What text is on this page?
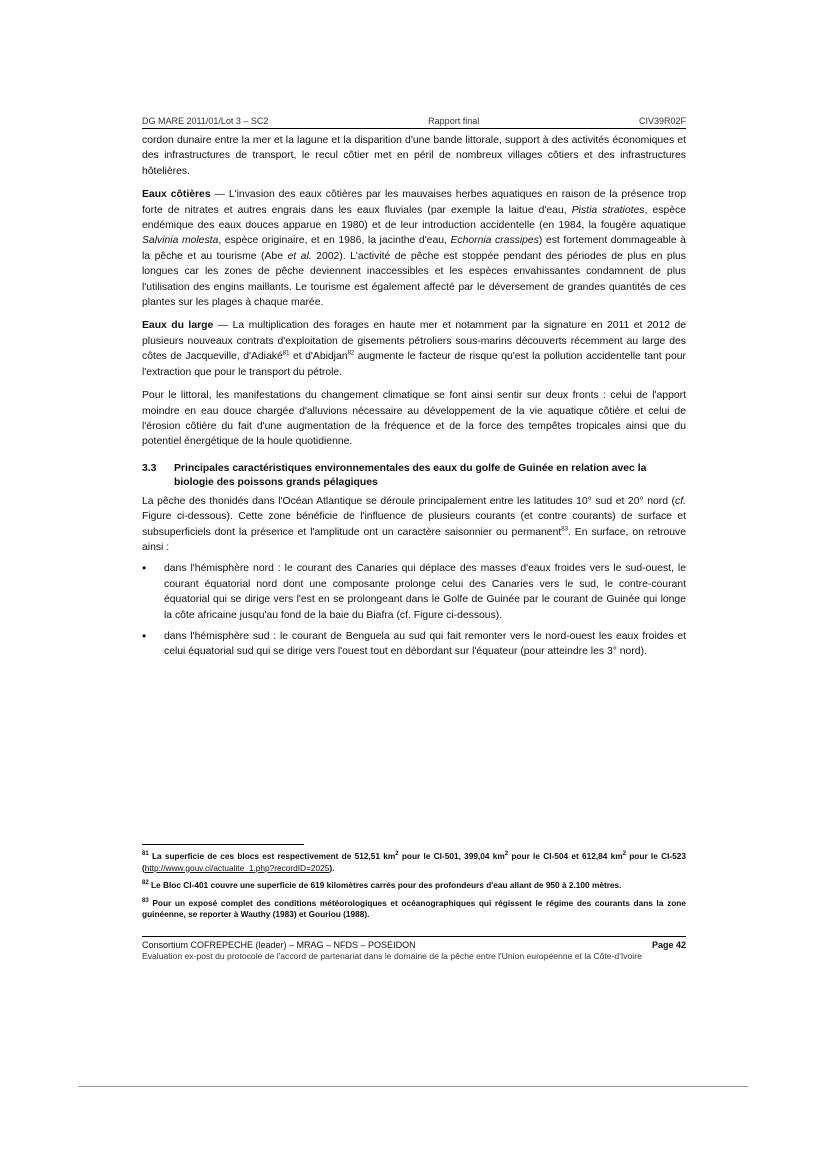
DG MARE 2011/01/Lot 3 – SC2	Rapport final	CIV39R02F

cordon dunaire entre la mer et la lagune et la disparition d'une bande littorale, support à des activités économiques et des infrastructures de transport, le recul côtier met en péril de nombreux villages côtiers et des infrastructures hôtelières.

Eaux côtières — L'invasion des eaux côtières par les mauvaises herbes aquatiques en raison de la présence trop forte de nitrates et autres engrais dans les eaux fluviales (par exemple la laitue d'eau, Pistia stratiotes, espèce endémique des eaux douces apparue en 1980) et de leur introduction accidentelle (en 1984, la fougère aquatique Salvinia molesta, espèce originaire, et en 1986, la jacinthe d'eau, Echornia crassipes) est fortement dommageable à la pêche et au tourisme (Abe et al. 2002). L'activité de pêche est stoppée pendant des périodes de plus en plus longues car les zones de pêche deviennent inaccessibles et les espèces envahissantes condamnent de plus l'utilisation des engins maillants. Le tourisme est également affecté par le déversement de grandes quantités de ces plantes sur les plages à chaque marée.

Eaux du large — La multiplication des forages en haute mer et notamment par la signature en 2011 et 2012 de plusieurs nouveaux contrats d'exploitation de gisements pétroliers sous-marins découverts récemment au large des côtes de Jacqueville, d'Adiaké$^{81}$ et d'Abidjan$^{82}$ augmente le facteur de risque qu'est la pollution accidentelle tant pour l'extraction que pour le transport du pétrole.

Pour le littoral, les manifestations du changement climatique se font ainsi sentir sur deux fronts : celui de l'apport moindre en eau douce chargée d'alluvions nécessaire au développement de la vie aquatique côtière et celui de l'érosion côtière du fait d'une augmentation de la fréquence et de la force des tempêtes tropicales ainsi que du potentiel énergétique de la houle quotidienne.

3.3	Principales caractéristiques environnementales des eaux du golfe de Guinée en relation avec la biologie des poissons grands pélagiques

La pêche des thonidés dans l'Océan Atlantique se déroule principalement entre les latitudes 10° sud et 20° nord (cf. Figure ci-dessous). Cette zone bénéficie de l'influence de plusieurs courants (et contre courants) de surface et subsuperficiels dont la présence et l'amplitude ont un caractère saisonnier ou permanent$^{83}$. En surface, on retrouve ainsi :

•	dans l'hémisphère nord : le courant des Canaries qui déplace des masses d'eaux froides vers le sud-ouest, le courant équatorial nord dont une composante prolonge celui des Canaries vers le sud, le contre-courant équatorial qui se dirige vers l'est en se prolongeant dans le Golfe de Guinée par le courant de Guinée qui longe la côte africaine jusqu'au fond de la baie du Biafra (cf. Figure ci-dessous).
•	dans l'hémisphère sud : le courant de Benguela au sud qui fait remonter vers le nord-ouest les eaux froides et celui équatorial sud qui se dirige vers l'ouest tout en débordant sur l'équateur (pour atteindre les 3° nord).

$^{81}$ La superficie de ces blocs est respectivement de 512,51 $km^2$ pour le CI-501, 399,04 $km^2$ pour le CI-504 et 612,84 $km^2$ pour le CI-523 (http://www.gouv.ci/actualite_1.php?recordID=2025).

$^{82}$ Le Bloc CI-401 couvre une superficie de 619 kilomètres carrés pour des profondeurs d'eau allant de 950 à 2.100 mètres.

$^{83}$ Pour un exposé complet des conditions météorologiques et océanographiques qui régissent le régime des courants dans la zone guinéenne, se reporter à Wauthy (1983) et Gouriou (1988).

Consortium COFREPECHE (leader) – MRAG – NFDS – POSEIDON	Page 42
Evaluation ex-post du protocole de l'accord de partenariat dans le domaine de la pêche entre l'Union européenne et la Côte-d'Ivoire
